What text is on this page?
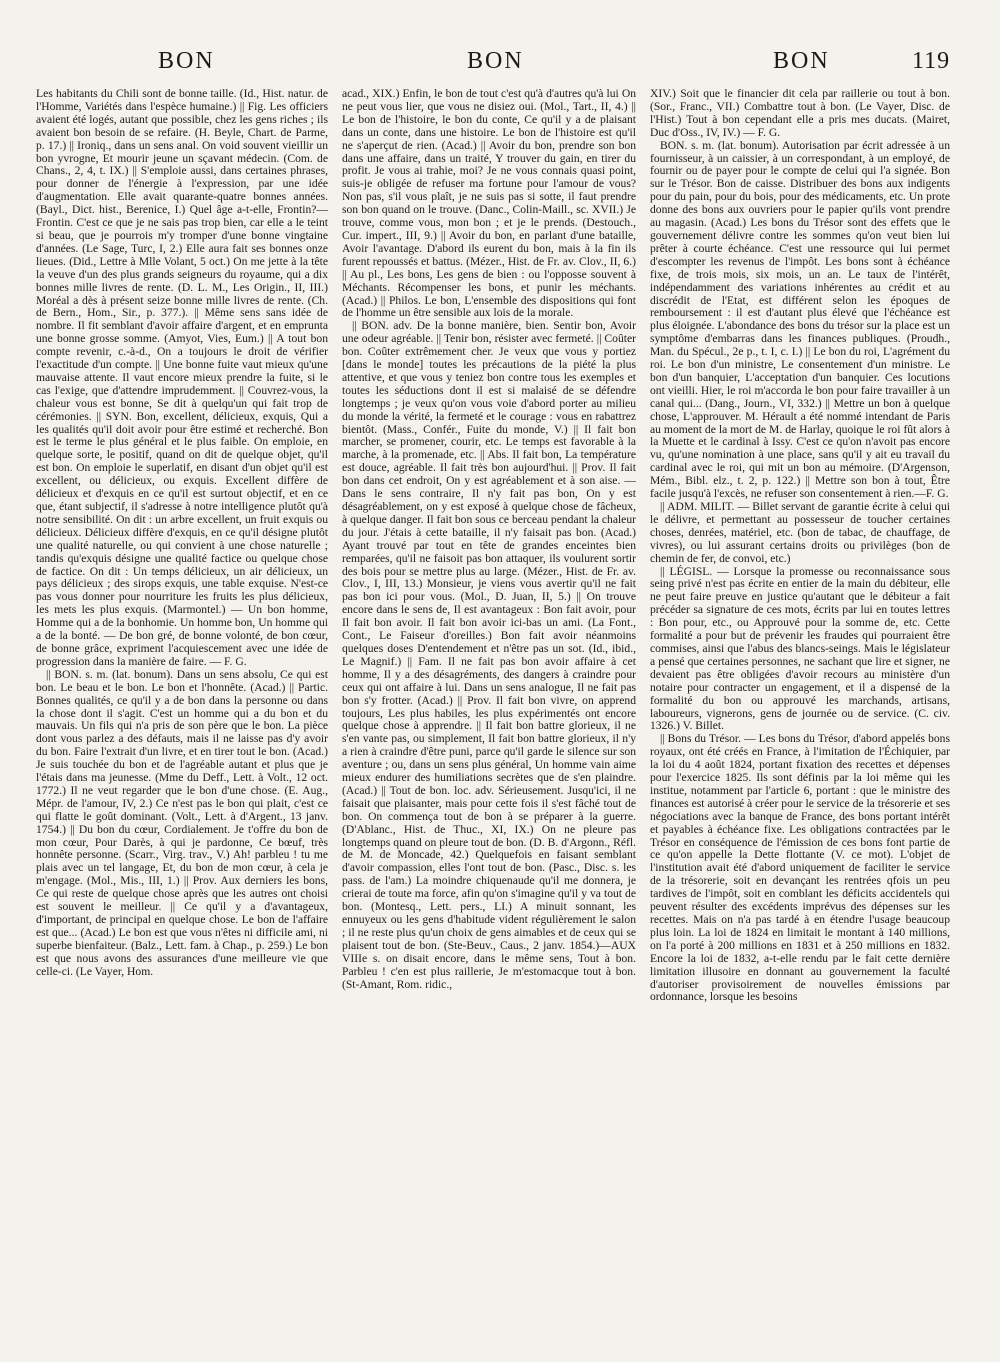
BON	BON	BON	119

Les habitants du Chili sont de bonne taille. (Id., Hist. natur. de l'Homme, Variétés dans l'espèce humaine.) || Fig. Les officiers avaient été logés, autant que possible, chez les gens riches ; ils avaient bon besoin de se refaire. (H. Beyle, Chart. de Parme, p. 17.) || Ironiq., dans un sens anal. On void souvent vieillir un bon yvrogne, Et mourir jeune un sçavant médecin. (Com. de Chans., 2, 4, t. IX.) || S'emploie aussi, dans certaines phrases, pour donner de l'énergie à l'expression, par une idée d'augmentation. Elle avait quarante-quatre bonnes années.(Bayl., Dict. hist., Berenice, I.) Quel âge a-t-elle, Frontin?—Frontin. C'est ce que je ne sais pas trop bien, car elle a le teint si beau, que je pourrois m'y tromper d'une bonne vingtaine d'années. (Le Sage, Turc, I, 2.) Elle aura fait ses bonnes onze lieues. (Did., Lettre à Mlle Volant, 5 oct.) On me jette à la tête la veuve d'un des plus grands seigneurs du royaume, qui a dix bonnes mille livres de rente. (D. L. M., Les Origin., II, III.) Moréal a dès à présent seize bonne mille livres de rente. (Ch. de Bern., Hom., Sir., p. 377.). || Même sens sans idée de nombre. Il fit semblant d'avoir affaire d'argent, et en emprunta une bonne grosse somme. (Amyot, Vies, Eum.) || A tout bon compte revenir, c.-à-d., On a toujours le droit de vérifier l'exactitude d'un compte. || Une bonne fuite vaut mieux qu'une mauvaise attente. Il vaut encore mieux prendre la fuite, si le cas l'exige, que d'attendre imprudemment. || Couvrez-vous, la chaleur vous est bonne, Se dit à quelqu'un qui fait trop de cérémonies. || SYN. Bon, excellent, délicieux, exquis, Qui a les qualités qu'il doit avoir pour être estimé et recherché. Bon est le terme le plus général et le plus faible. On emploie, en quelque sorte, le positif, quand on dit de quelque objet, qu'il est bon. On emploie le superlatif, en disant d'un objet qu'il est excellent, ou délicieux, ou exquis. Excellent diffère de délicieux et d'exquis en ce qu'il est surtout objectif, et en ce que, étant subjectif, il s'adresse à notre intelligence plutôt qu'à notre sensibilité. On dit : un arbre excellent, un fruit exquis ou délicieux. Délicieux diffère d'exquis, en ce qu'il désigne plutôt une qualité naturelle, ou qui convient à une chose naturelle ; tandis qu'exquis désigne une qualité factice ou quelque chose de factice. On dit : Un temps délicieux, un air délicieux, un pays délicieux ; des sirops exquis, une table exquise. N'est-ce pas vous donner pour nourriture les fruits les plus délicieux, les mets les plus exquis. (Marmontel.) — Un bon homme, Homme qui a de la bonhomie. Un homme bon, Un homme qui a de la bonté. — De bon gré, de bonne volonté, de bon cœur, de bonne grâce, expriment l'acquiescement avec une idée de progression dans la manière de faire. — F. G.

|| BON. s. m. (lat. bonum). Dans un sens absolu, Ce qui est bon. Le beau et le bon. Le bon et l'honnête. (Acad.) || Partic. Bonnes qualités, ce qu'il y a de bon dans la personne ou dans la chose dont il s'agit. C'est un homme qui a du bon et du mauvais. Un fils qui n'a pris de son père que le bon. La pièce dont vous parlez a des défauts, mais il ne laisse pas d'y avoir du bon. Faire l'extrait d'un livre, et en tirer tout le bon. (Acad.) Je suis touchée du bon et de l'agréable autant et plus que je l'étais dans ma jeunesse. (Mme du Deff., Lett. à Volt., 12 oct. 1772.) Il ne veut regarder que le bon d'une chose. (E. Aug., Mépr. de l'amour, IV, 2.) Ce n'est pas le bon qui plait, c'est ce qui flatte le goût dominant. (Volt., Lett. à d'Argent., 13 janv. 1754.) || Du bon du cœur, Cordialement. Je t'offre du bon de mon cœur, Pour Darès, à qui je pardonne, Ce bœuf, très honnête personne. (Scarr., Virg. trav., V.) Ah! parbleu ! tu me plais avec un tel langage, Et, du bon de mon cœur, à cela je m'engage. (Mol., Mis., III, 1.) || Prov. Aux derniers les bons, Ce qui reste de quelque chose après que les autres ont choisi est souvent le meilleur. || Ce qu'il y a d'avantageux, d'important, de principal en quelque chose. Le bon de l'affaire est que... (Acad.) Le bon est que vous n'êtes ni difficile ami, ni superbe bienfaiteur. (Balz., Lett. fam. à Chap., p. 259.) Le bon est que nous avons des assurances d'une meilleure vie que celle-ci. (Le Vayer, Hom.

acad., XIX.) Enfin, le bon de tout c'est qu'à d'autres qu'à lui On ne peut vous lier, que vous ne disiez oui. (Mol., Tart., II, 4.) || Le bon de l'histoire, le bon du conte, Ce qu'il y a de plaisant dans un conte, dans une histoire. Le bon de l'histoire est qu'il ne s'aperçut de rien. (Acad.) || Avoir du bon, prendre son bon dans une affaire, dans un traité, Y trouver du gain, en tirer du profit. Je vous ai trahie, moi? Je ne vous connais quasi point, suis-je obligée de refuser ma fortune pour l'amour de vous? Non pas, s'il vous plaît, je ne suis pas si sotte, il faut prendre son bon quand on le trouve. (Danc., Colin-Maill., sc. XVII.) Je trouve, comme vous, mon bon ; et je le prends. (Destouch., Cur. impert., III, 9.) || Avoir du bon, en parlant d'une bataille, Avoir l'avantage. D'abord ils eurent du bon, mais à la fin ils furent repoussés et battus. (Mézer., Hist. de Fr. av. Clov., II, 6.) || Au pl., Les bons, Les gens de bien : ou l'opposse souvent à Méchants. Récompenser les bons, et punir les méchants. (Acad.) || Philos. Le bon, L'ensemble des dispositions qui font de l'homme un être sensible aux lois de la morale.

|| BON. adv. De la bonne manière, bien. Sentir bon, Avoir une odeur agréable. || Tenir bon, résister avec fermeté. || Coûter bon. Coûter extrêmement cher. Je veux que vous y portiez [dans le monde] toutes les précautions de la piété la plus attentive, et que vous y teniez bon contre tous les exemples et toutes les séductions dont il est si malaisé de se défendre longtemps ; je veux qu'on vous voie d'abord porter au milieu du monde la vérité, la fermeté et le courage : vous en rabattrez bientôt. (Mass., Confér., Fuite du monde, V.) || Il fait bon marcher, se promener, courir, etc. Le temps est favorable à la marche, à la promenade, etc. || Abs. Il fait bon, La température est douce, agréable. Il fait très bon aujourd'hui. || Prov. Il fait bon dans cet endroit, On y est agréablement et à son aise. — Dans le sens contraire, Il n'y fait pas bon, On y est désagréablement, on y est exposé à quelque chose de fâcheux, à quelque danger. Il fait bon sous ce berceau pendant la chaleur du jour. J'étais à cette bataille, il n'y faisait pas bon. (Acad.) Ayant trouvé par tout en tête de grandes enceintes bien remparées, qu'il ne faisoit pas bon attaquer, ils voulurent sortir des bois pour se mettre plus au large. (Mézer., Hist. de Fr. av. Clov., I, III, 13.) Monsieur, je viens vous avertir qu'il ne fait pas bon ici pour vous. (Mol., D. Juan, II, 5.) || On trouve encore dans le sens de, Il est avantageux : Bon fait avoir, pour Il fait bon avoir. Il fait bon avoir ici-bas un ami. (La Font., Cont., Le Faiseur d'oreilles.) Bon fait avoir néanmoins quelques doses D'entendement et n'être pas un sot. (Id., ibid., Le Magnif.) || Fam. Il ne fait pas bon avoir affaire à cet homme, Il y a des désagréments, des dangers à craindre pour ceux qui ont affaire à lui. Dans un sens analogue, Il ne fait pas bon s'y frotter. (Acad.) || Prov. Il fait bon vivre, on apprend toujours, Les plus habiles, les plus expérimentés ont encore quelque chose à apprendre. || Il fait bon battre glorieux, il ne s'en vante pas, ou simplement, Il fait bon battre glorieux, il n'y a rien à craindre d'être puni, parce qu'il garde le silence sur son aventure ; ou, dans un sens plus général, Un homme vain aime mieux endurer des humiliations secrètes que de s'en plaindre. (Acad.) || Tout de bon. loc. adv. Sérieusement. Jusqu'ici, il ne faisait que plaisanter, mais pour cette fois il s'est fâché tout de bon. On commença tout de bon à se préparer à la guerre. (D'Ablanc., Hist. de Thuc., XI, IX.) On ne pleure pas longtemps quand on pleure tout de bon. (D. B. d'Argonn., Réfl. de M. de Moncade, 42.) Quelquefois en faisant semblant d'avoir compassion, elles l'ont tout de bon. (Pasc., Disc. s. les pass. de l'am.) La moindre chiquenaude qu'il me donnera, je crierai de toute ma force, afin qu'on s'imagine qu'il y va tout de bon. (Montesq., Lett. pers., LI.) A minuit sonnant, les ennuyeux ou les gens d'habitude vident régulièrement le salon ; il ne reste plus qu'un choix de gens aimables et de ceux qui se plaisent tout de bon. (Ste-Beuv., Caus., 2 janv. 1854.)—AUX VIIIe s. on disait encore, dans le même sens, Tout à bon. Parbleu ! c'en est plus raillerie, Je m'estomacque tout à bon. (St-Amant, Rom. ridic.,

XIV.) Soit que le financier dit cela par raillerie ou tout à bon. (Sor., Franc., VII.) Combattre tout à bon. (Le Vayer, Disc. de l'Hist.) Tout à bon cependant elle a pris mes ducats. (Mairet, Duc d'Oss., IV, IV.) — F. G.

BON. s. m. (lat. bonum). Autorisation par écrit adressée à un fournisseur, à un caissier, à un correspondant, à un employé, de fournir ou de payer pour le compte de celui qui l'a signée. Bon sur le Trésor. Bon de caisse. Distribuer des bons aux indigents pour du pain, pour du bois, pour des médicaments, etc. Un prote donne des bons aux ouvriers pour le papier qu'ils vont prendre au magasin. (Acad.) Les bons du Trésor sont des effets que le gouvernement délivre contre les sommes qu'on veut bien lui prêter à courte échéance. C'est une ressource qui lui permet d'escompter les revenus de l'impôt. Les bons sont à échéance fixe, de trois mois, six mois, un an. Le taux de l'intérêt, indépendamment des variations inhérentes au crédit et au discrédit de l'Etat, est différent selon les époques de remboursement : il est d'autant plus élevé que l'échéance est plus éloignée. L'abondance des bons du trésor sur la place est un symptôme d'embarras dans les finances publiques. (Proudh., Man. du Spécul., 2e p., t. I, c. I.) || Le bon du roi, L'agrément du roi. Le bon d'un ministre, Le consentement d'un ministre. Le bon d'un banquier, L'acceptation d'un banquier. Ces locutions ont vieilli. Hier, le roi m'accorda le bon pour faire travailler à un canal qui... (Dang., Journ., VI, 332.) || Mettre un bon à quelque chose, L'approuver. M. Hérault a été nommé intendant de Paris au moment de la mort de M. de Harlay, quoique le roi fût alors à la Muette et le cardinal à Issy. C'est ce qu'on n'avoit pas encore vu, qu'une nomination à une place, sans qu'il y ait eu travail du cardinal avec le roi, qui mit un bon au mémoire. (D'Argenson, Mém., Bibl. elz., t. 2, p. 122.) || Mettre son bon à tout, Être facile jusqu'à l'excès, ne refuser son consentement à rien.—F. G.

|| ADM. MILIT. — Billet servant de garantie écrite à celui qui le délivre, et permettant au possesseur de toucher certaines choses, denrées, matériel, etc. (bon de tabac, de chauffage, de vivres), ou lui assurant certains droits ou privilèges (bon de chemin de fer, de convoi, etc.)

|| LÉGISL. — Lorsque la promesse ou reconnaissance sous seing privé n'est pas écrite en entier de la main du débiteur, elle ne peut faire preuve en justice qu'autant que le débiteur a fait précéder sa signature de ces mots, écrits par lui en toutes lettres : Bon pour, etc., ou Approuvé pour la somme de, etc. Cette formalité a pour but de prévenir les fraudes qui pourraient être commises, ainsi que l'abus des blancs-seings. Mais le législateur a pensé que certaines personnes, ne sachant que lire et signer, ne devaient pas être obligées d'avoir recours au ministère d'un notaire pour contracter un engagement, et il a dispensé de la formalité du bon ou approuvé les marchands, artisans, laboureurs, vignerons, gens de journée ou de service. (C. civ. 1326.) V. Billet.

|| Bons du Trésor. — Les bons du Trésor, d'abord appelés bons royaux, ont été créés en France, à l'imitation de l'Échiquier, par la loi du 4 août 1824, portant fixation des recettes et dépenses pour l'exercice 1825. Ils sont définis par la loi même qui les institue, notamment par l'article 6, portant : que le ministre des finances est autorisé à créer pour le service de la trésorerie et ses négociations avec la banque de France, des bons portant intérêt et payables à échéance fixe. Les obligations contractées par le Trésor en conséquence de l'émission de ces bons font partie de ce qu'on appelle la Dette flottante (V. ce mot). L'objet de l'institution avait été d'abord uniquement de faciliter le service de la trésorerie, soit en devançant les rentrées qfois un peu tardives de l'impôt, soit en comblant les déficits accidentels qui peuvent résulter des excédents imprévus des dépenses sur les recettes. Mais on n'a pas tardé à en étendre l'usage beaucoup plus loin. La loi de 1824 en limitait le montant à 140 millions, on l'a porté à 200 millions en 1831 et à 250 millions en 1832. Encore la loi de 1832, a-t-elle rendu par le fait cette dernière limitation illusoire en donnant au gouvernement la faculté d'autoriser provisoirement de nouvelles émissions par ordonnance, lorsque les besoins
